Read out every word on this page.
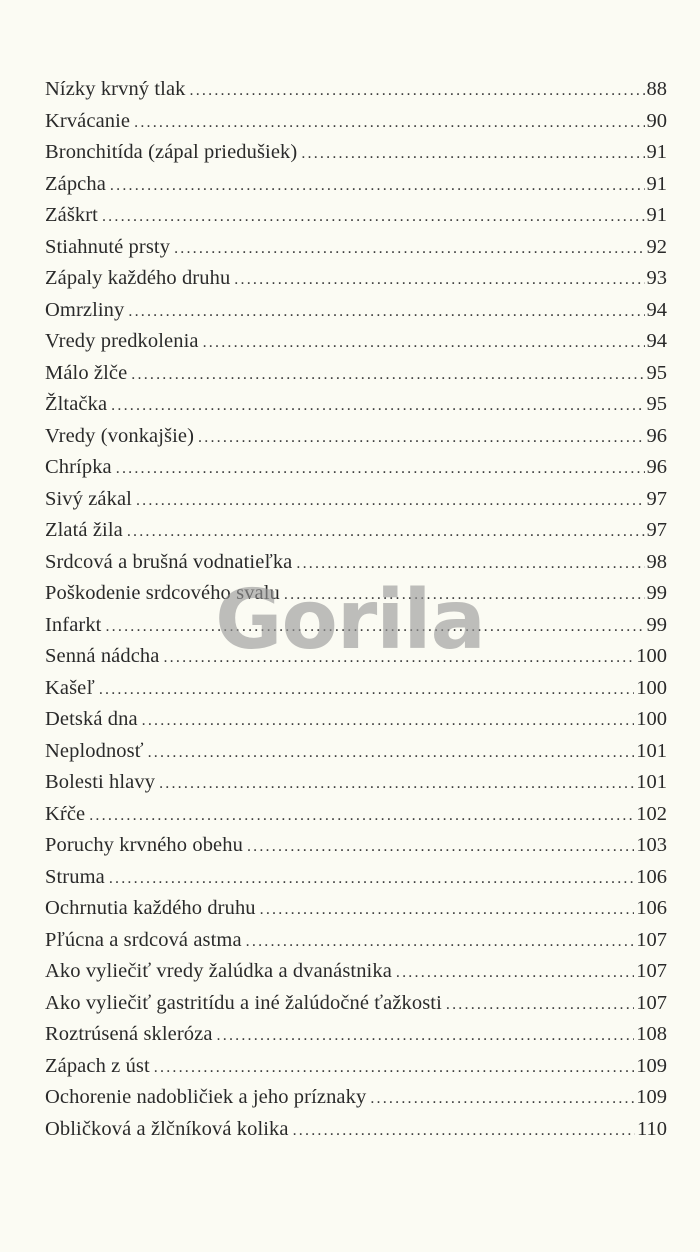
Nízky krvný tlak .....	88
Krvácanie .....	90
Bronchitída (zápal priedušiek) .....	91
Zápcha .....	91
Záškrt .....	91
Stiahnuté prsty .....	92
Zápaly každého druhu .....	93
Omrzliny .....	94
Vredy predkolenia .....	94
Málo žlče .....	95
Žltačka .....	95
Vredy (vonkajšie) .....	96
Chrípka .....	96
Sivý zákal .....	97
Zlatá žila .....	97
Srdcová a brušná vodnatieľka .....	98
Poškodenie srdcového svalu .....	99
Infarkt .....	99
Senná nádcha .....	100
Kašeľ .....	100
Detská dna .....	100
Neplodnosť .....	101
Bolesti hlavy .....	101
Kŕče .....	102
Poruchy krvného obehu .....	103
Struma .....	106
Ochrnutia každého druhu .....	106
Pľúcna a srdcová astma .....	107
Ako vyliečiť vredy žalúdka a dvanástnika .....	107
Ako vyliečiť gastritídu a iné žalúdočné ťažkosti .....	107
Roztrúsená skleróza .....	108
Zápach z úst .....	109
Ochorenie nadobličiek a jeho príznaky .....	109
Obličková a žlčníková kolika .....	110
Gorila
